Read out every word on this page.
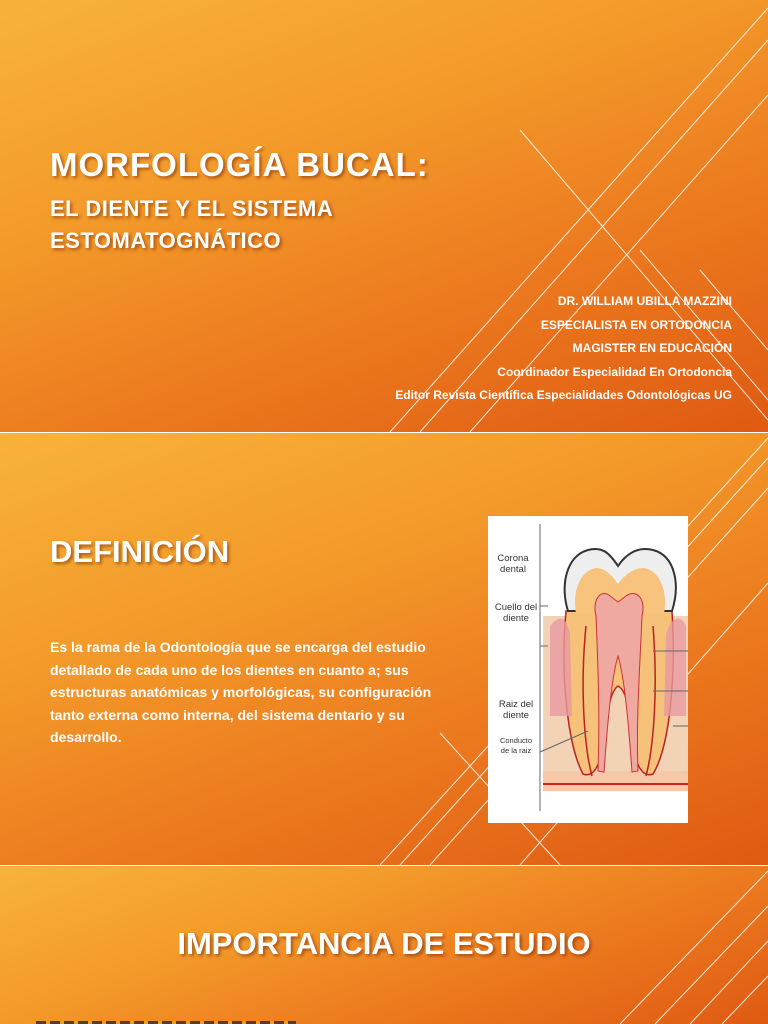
MORFOLOGÍA BUCAL:
EL DIENTE Y EL SISTEMA
ESTOMATOGNÁTICO
DR. WILLIAM UBILLA MAZZINI
ESPECIALISTA EN ORTODONCIA
MAGISTER EN EDUCACIÓN
Coordinador Especialidad En Ortodoncia
Editor Revista Científica Especialidades Odontológicas UG
DEFINICIÓN

Es la rama de la Odontología que se encarga del estudio detallado de cada uno de los dientes en cuanto a; sus estructuras anatómicas y morfológicas, su configuración tanto externa como interna, del sistema dentario y su desarrollo.

Corona
dental
Cuello del
diente
Raiz del
diente
Conducto
de la raiz
IMPORTANCIA DE ESTUDIO
